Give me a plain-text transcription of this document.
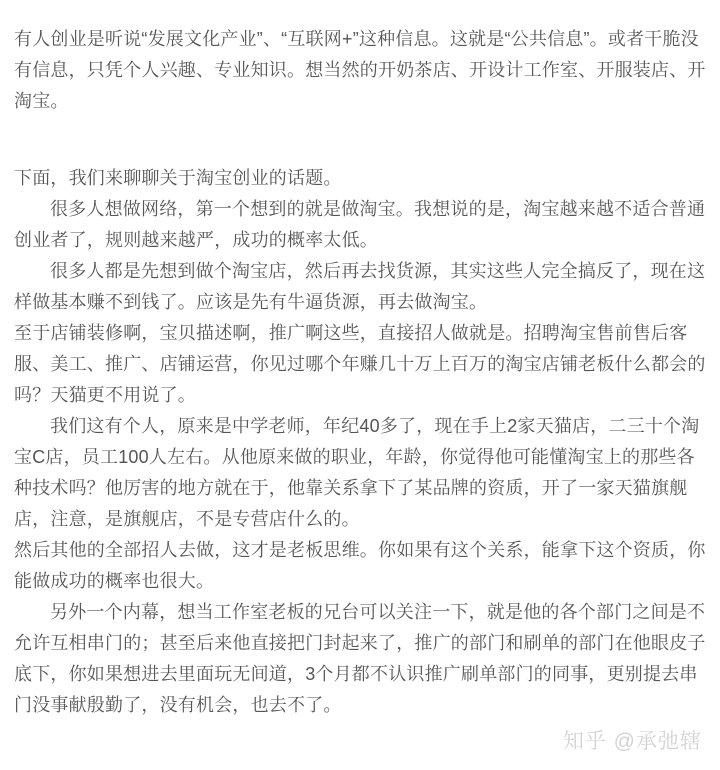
有人创业是听说“发展文化产业”、“互联网+”这种信息。这就是“公共信息”。或者干脆没有信息，只凭个人兴趣、专业知识。想当然的开奶茶店、开设计工作室、开服装店、开淘宝。

下面，我们来聊聊关于淘宝创业的话题。

很多人想做网络，第一个想到的就是做淘宝。我想说的是，淘宝越来越不适合普通创业者了，规则越来越严，成功的概率太低。

很多人都是先想到做个淘宝店，然后再去找货源，其实这些人完全搞反了，现在这样做基本赚不到钱了。应该是先有牛逼货源，再去做淘宝。

至于店铺装修啊，宝贝描述啊，推广啊这些，直接招人做就是。招聘淘宝售前售后客服、美工、推广、店铺运营，你见过哪个年赚几十万上百万的淘宝店铺老板什么都会的吗？天猫更不用说了。

我们这有个人，原来是中学老师，年纪40多了，现在手上2家天猫店，二三十个淘宝C店，员工100人左右。从他原来做的职业，年龄，你觉得他可能懂淘宝上的那些各种技术吗？他厉害的地方就在于，他靠关系拿下了某品牌的资质，开了一家天猫旗舰店，注意，是旗舰店，不是专营店什么的。

然后其他的全部招人去做，这才是老板思维。你如果有这个关系，能拿下这个资质，你能做成功的概率也很大。

另外一个内幕，想当工作室老板的兄台可以关注一下，就是他的各个部门之间是不允许互相串门的；甚至后来他直接把门封起来了，推广的部门和刷单的部门在他眼皮子底下，你如果想进去里面玩无间道，3个月都不认识推广刷单部门的同事，更别提去串门没事献殷勤了，没有机会，也去不了。

知乎 @承弛辖
